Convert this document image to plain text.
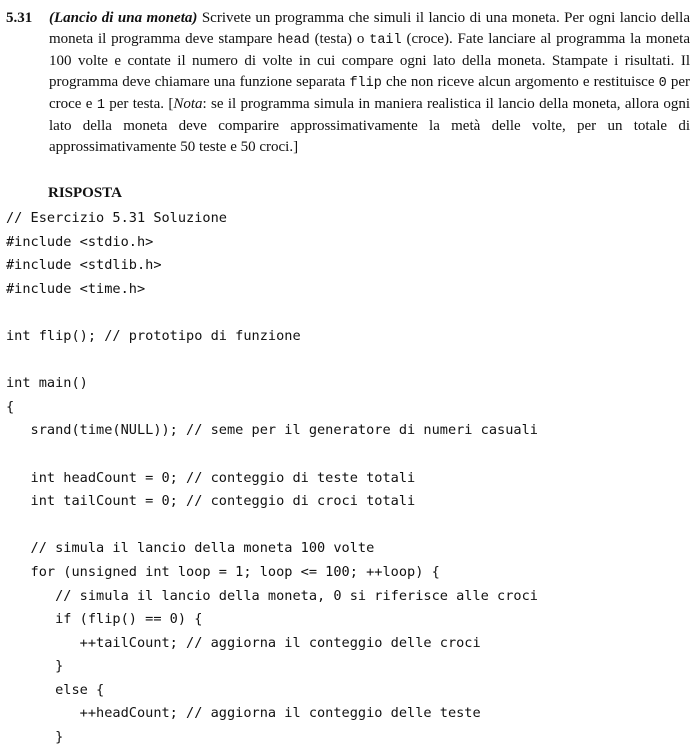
5.31 (Lancio di una moneta) Scrivete un programma che simuli il lancio di una moneta. Per ogni lancio della moneta il programma deve stampare head (testa) o tail (croce). Fate lanciare al programma la moneta 100 volte e contate il numero di volte in cui compare ogni lato della moneta. Stampate i risultati. Il programma deve chiamare una funzione separata flip che non riceve alcun argomento e restituisce 0 per croce e 1 per testa. [Nota: se il programma simula in maniera realistica il lancio della moneta, allora ogni lato della moneta deve comparire approssimativamente la metà delle volte, per un totale di approssimativamente 50 teste e 50 croci.]
RISPOSTA
// Esercizio 5.31 Soluzione
#include <stdio.h>
#include <stdlib.h>
#include <time.h>
int flip(); // prototipo di funzione
int main()
{
srand(time(NULL)); // seme per il generatore di numeri casuali
int headCount = 0; // conteggio di teste totali
int tailCount = 0; // conteggio di croci totali
// simula il lancio della moneta 100 volte
for (unsigned int loop = 1; loop <= 100; ++loop) {
// simula il lancio della moneta, 0 si riferisce alle croci
if (flip() == 0) {
++tailCount; // aggiorna il conteggio delle croci
}
else {
++headCount; // aggiorna il conteggio delle teste
}
